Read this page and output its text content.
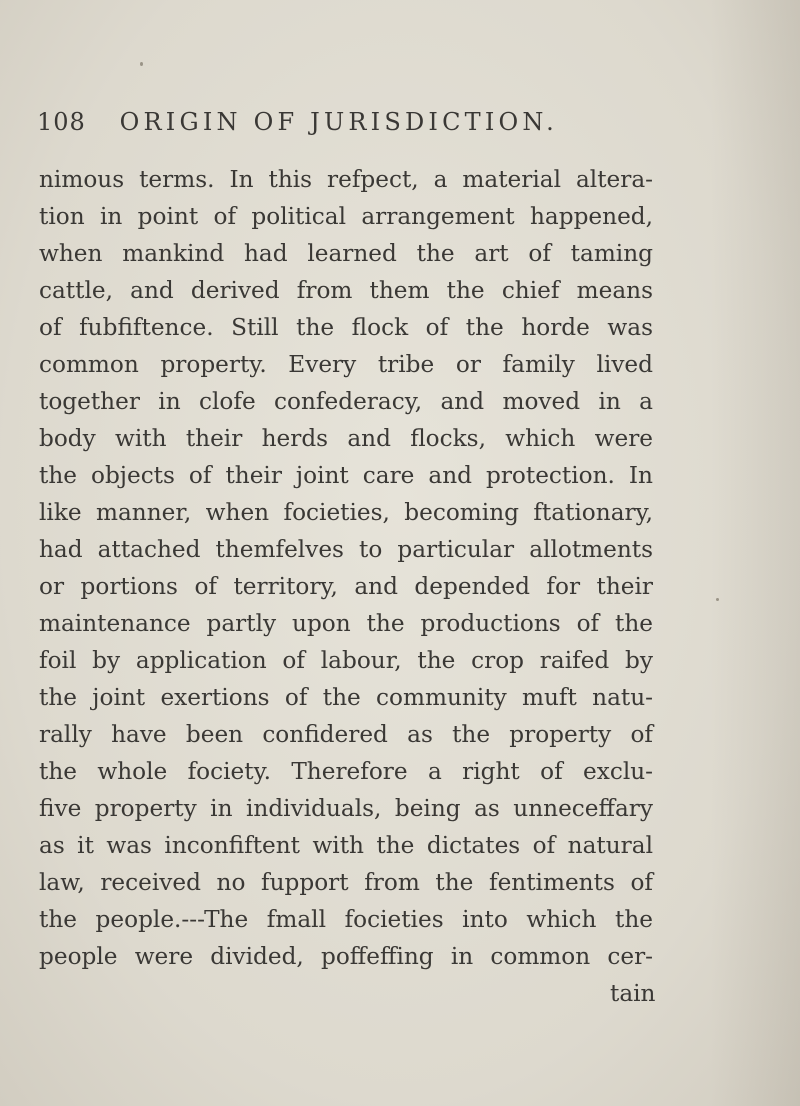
108 ORIGIN OF JURISDICTION.
nimous terms. In this refpect, a material altera-
tion in point of political arrangement happened,
when mankind had learned the art of taming
cattle, and derived from them the chief means
of fubfiftence. Still the flock of the horde was
common property. Every tribe or family lived
together in clofe confederacy, and moved in a
body with their herds and flocks, which were
the objects of their joint care and protection. In
like manner, when focieties, becoming ftationary,
had attached themfelves to particular allotments
or portions of territory, and depended for their
maintenance partly upon the productions of the
foil by application of labour, the crop raifed by
the joint exertions of the community muft natu-
rally have been confidered as the property of
the whole fociety. Therefore a right of exclu-
five property in individuals, being as unneceffary
as it was inconfiftent with the dictates of natural
law, received no fupport from the fentiments of
the people.---The fmall focieties into which the
people were divided, poffeffing in common cer-
tain
